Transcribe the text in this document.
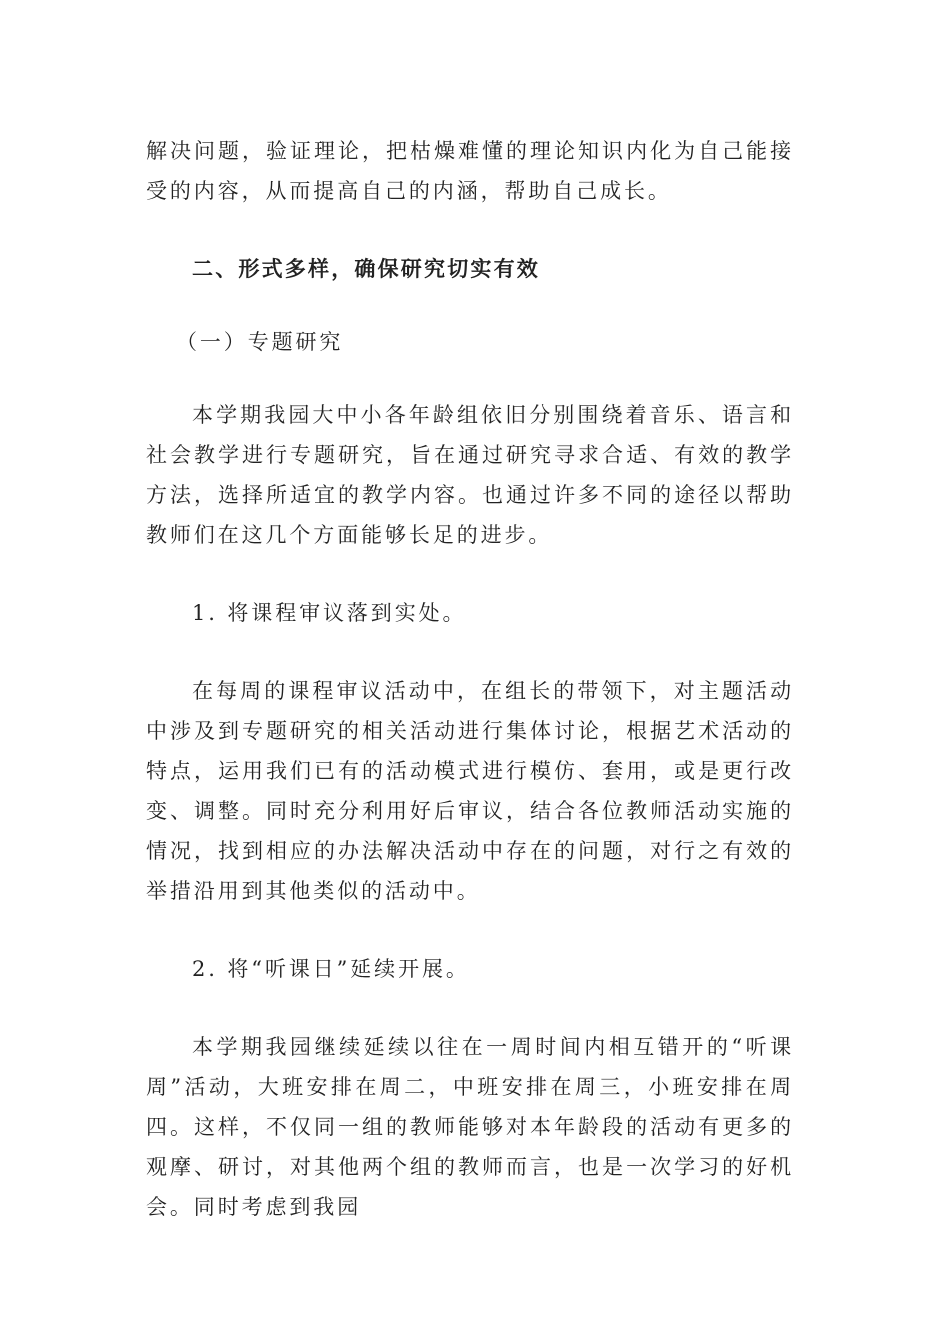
解决问题，验证理论，把枯燥难懂的理论知识内化为自己能接受的内容，从而提高自己的内涵，帮助自己成长。

二、形式多样，确保研究切实有效

（一）专题研究

本学期我园大中小各年龄组依旧分别围绕着音乐、语言和社会教学进行专题研究，旨在通过研究寻求合适、有效的教学方法，选择所适宜的教学内容。也通过许多不同的途径以帮助教师们在这几个方面能够长足的进步。

1. 将课程审议落到实处。

在每周的课程审议活动中，在组长的带领下，对主题活动中涉及到专题研究的相关活动进行集体讨论，根据艺术活动的特点，运用我们已有的活动模式进行模仿、套用，或是更行改变、调整。同时充分利用好后审议，结合各位教师活动实施的情况，找到相应的办法解决活动中存在的问题，对行之有效的举措沿用到其他类似的活动中。

2. 将“听课日”延续开展。

本学期我园继续延续以往在一周时间内相互错开的“听课周”活动，大班安排在周二，中班安排在周三，小班安排在周四。这样，不仅同一组的教师能够对本年龄段的活动有更多的观摩、研讨，对其他两个组的教师而言，也是一次学习的好机会。同时考虑到我园
